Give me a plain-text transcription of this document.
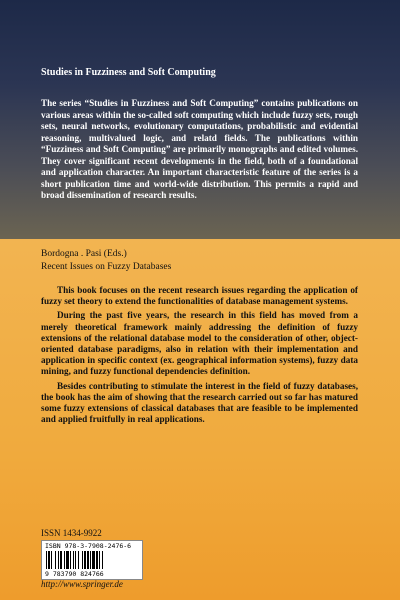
Studies in Fuzziness and Soft Computing
The series “Studies in Fuzziness and Soft Computing” contains publications on various areas within the so-called soft computing which include fuzzy sets, rough sets, neural networks, evolutionary computations, probabilistic and evidential reasoning, multivalued logic, and relatd fields. The publications within “Fuzziness and Soft Computing” are primarily monographs and edited volumes. They cover significant recent developments in the field, both of a foundational and application character. An important characteristic feature of the series is a short publication time and world-wide distribution. This permits a rapid and broad dissemination of research results.
Bordogna . Pasi (Eds.)
Recent Issues on Fuzzy Databases

This book focuses on the recent research issues regarding the application of fuzzy set theory to extend the functionalities of database management systems.

During the past five years, the research in this field has moved from a merely theoretical framework mainly addressing the definition of fuzzy extensions of the relational database model to the consideration of other, object-oriented database paradigms, also in relation with their implementation and application in specific context (ex. geographical information systems), fuzzy data mining, and fuzzy functional dependencies definition.

Besides contributing to stimulate the interest in the field of fuzzy databases, the book has the aim of showing that the research carried out so far has matured some fuzzy extensions of classical databases that are feasible to be implemented and applied fruitfully in real applications.

ISSN 1434-9922
ISBN 978-3-7908-2476-6
9 783790 824766
http://www.springer.de
